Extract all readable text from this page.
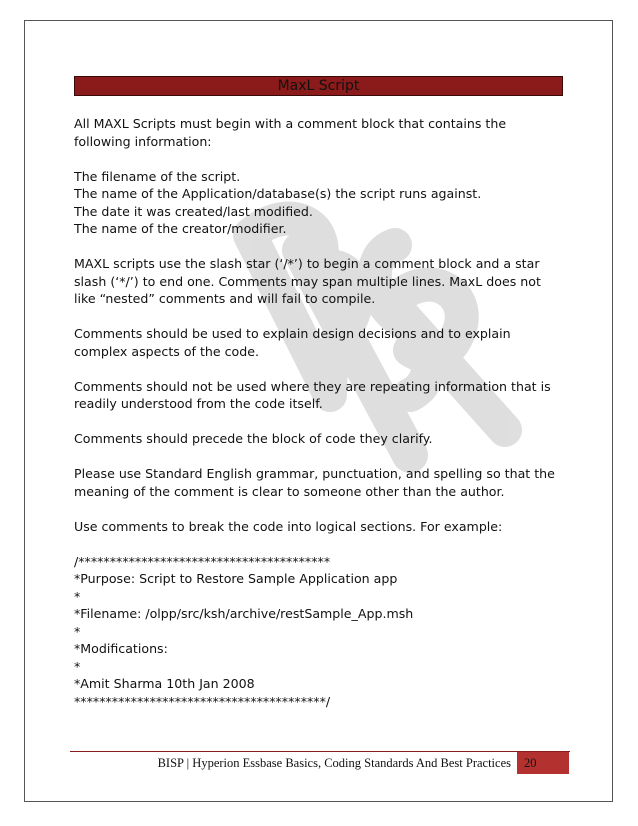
MaxL Script

All MAXL Scripts must begin with a comment block that contains the
following information:

The filename of the script.
The name of the Application/database(s) the script runs against.
The date it was created/last modified.
The name of the creator/modifier.

MAXL scripts use the slash star (‘/*’) to begin a comment block and a star
slash (‘*/’) to end one. Comments may span multiple lines. MaxL does not
like “nested” comments and will fail to compile.

Comments should be used to explain design decisions and to explain
complex aspects of the code.

Comments should not be used where they are repeating information that is
readily understood from the code itself.

Comments should precede the block of code they clarify.

Please use Standard English grammar, punctuation, and spelling so that the
meaning of the comment is clear to someone other than the author.

Use comments to break the code into logical sections. For example:

/****************************************
*Purpose: Script to Restore Sample Application app
*
*Filename: /olpp/src/ksh/archive/restSample_App.msh
*
*Modifications:
*
*Amit Sharma 10th Jan 2008
****************************************/
BISP | Hyperion Essbase Basics, Coding Standards And Best Practices	20
